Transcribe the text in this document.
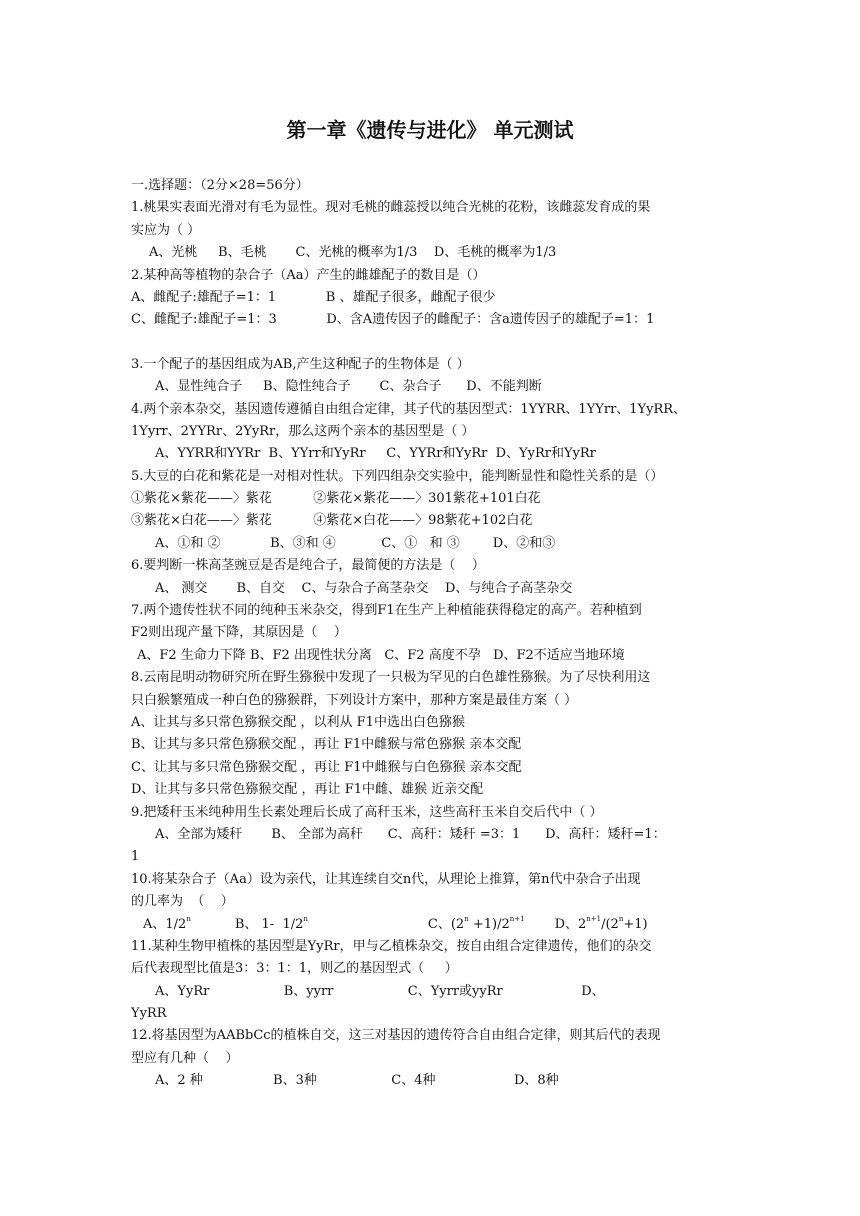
第一章《遗传与进化》 单元测试
一.选择题：（2分×28=56分）
1.桃果实表面光滑对有毛为显性。现对毛桃的雌蕊授以纯合光桃的花粉，该雌蕊发育成的果
实应为（ ）
A、光桃     B、毛桃       C、光桃的概率为1/3    D、毛桃的概率为1/3
2.某种高等植物的杂合子（Aa）产生的雌雄配子的数目是（）
A、雌配子:雄配子=1：1            B 、雄配子很多，雌配子很少
C、雌配子:雄配子=1：3            D、含A遗传因子的雌配子：含a遗传因子的雄配子=1：1
3.一个配子的基因组成为AB,产生这种配子的生物体是（ ）
A、显性纯合子     B、隐性纯合子       C、杂合子      D、不能判断
4.两个亲本杂交，基因遗传遵循自由组合定律，其子代的基因型式：1YYRR、1YYrr、1YyRR、
1Yyrr、2YYRr、2YyRr，那么这两个亲本的基因型是（ ）
A、YYRR和YYRr  B、YYrr和YyRr     C、YYRr和YyRr  D、YyRr和YyRr
5.大豆的白花和紫花是一对相对性状。下列四组杂交实验中，能判断显性和隐性关系的是（）
①紫花×紫花——〉紫花          ②紫花×紫花——〉301紫花+101白花
③紫花×白花——〉紫花          ④紫花×白花——〉98紫花+102白花
A、①和 ②            B、③和 ④           C、①   和 ③        D、②和③
6.要判断一株高茎豌豆是否是纯合子，最简便的方法是（    ）
A、 测交       B、自交    C、与杂合子高茎杂交    D、与纯合子高茎杂交
7.两个遗传性状不同的纯种玉米杂交，得到F1在生产上种植能获得稳定的高产。若种植到
F2则出现产量下降，其原因是（    ）
A、F2 生命力下降 B、F2 出现性状分离   C、F2 高度不孕   D、F2不适应当地环境
8.云南昆明动物研究所在野生猕猴中发现了一只极为罕见的白色雄性猕猴。为了尽快利用这
只白猴繁殖成一种白色的猕猴群，下列设计方案中，那种方案是最佳方案（ ）
A、让其与多只常色猕猴交配 ，以利从 F1中选出白色猕猴
B、让其与多只常色猕猴交配 ，再让 F1中雌猴与常色猕猴 亲本交配
C、让其与多只常色猕猴交配 ，再让 F1中雌猴与白色猕猴 亲本交配
D、让其与多只常色猕猴交配 ，再让 F1中雌、雄猴 近亲交配
9.把矮秆玉米纯种用生长素处理后长成了高秆玉米，这些高秆玉米自交后代中（ ）
A、全部为矮秆       B、 全部为高秆      C、高秆：矮秆 =3：1      D、高秆：矮秆=1：
1
10.将某杂合子（Aa）设为亲代，让其连续自交n代，从理论上推算，第n代中杂合子出现
的几率为  （    ）
A、1/2$^n$	B、 1-  1/2$^n$	C、$(2^n +1)/2^{n+1}$ D、$2^{n+1}/(2^n+1)$
11.某种生物甲植株的基因型是YyRr，甲与乙植株杂交，按自由组合定律遗传，他们的杂交
后代表现型比值是3：3：1：1，则乙的基因型式（     ）
A、YyRr                  B、yyrr                  C、Yyrr或yyRr                   D、
YyRR
12.将基因型为AABbCc的植株自交，这三对基因的遗传符合自由组合定律，则其后代的表现
型应有几种（    ）
A、2 种                 B、3种                  C、4种                   D、8种
